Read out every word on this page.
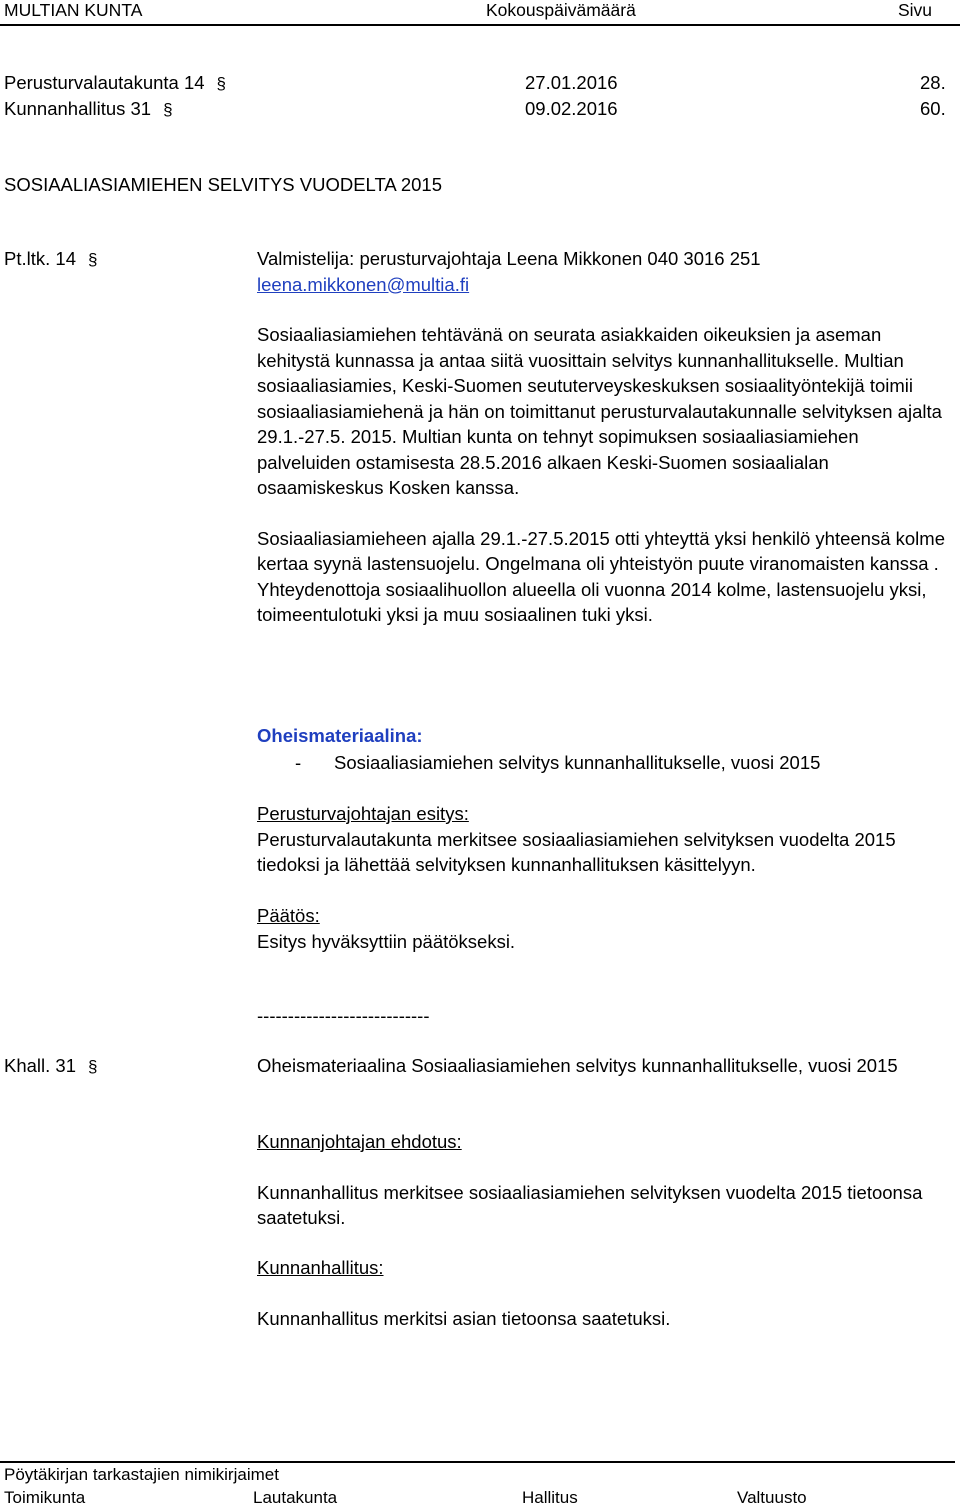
MULTIAN KUNTA	Kokouspäivämäärä	Sivu
Perusturvalautakunta 14 §	27.01.2016	28.
Kunnanhallitus 31 §	09.02.2016	60.
SOSIAALIASIAMIEHEN SELVITYS VUODELTA 2015
Pt.ltk. 14 §	Valmistelija: perusturvajohtaja Leena Mikkonen 040 3016 251

leena.mikkonen@multia.fi

Sosiaaliasiamiehen tehtävänä on seurata asiakkaiden oikeuksien ja aseman kehitystä kunnassa ja antaa siitä vuosittain selvitys kunnanhallitukselle. Multian sosiaaliasiamies, Keski-Suomen seututerveyskeskuksen sosiaalityöntekijä toimii sosiaaliasiamiehenä ja hän on toimittanut perusturvalautakunnalle selvityksen ajalta 29.1.-27.5. 2015. Multian kunta on tehnyt sopimuksen sosiaaliasiamiehen palveluiden ostamisesta 28.5.2016 alkaen Keski-Suomen sosiaalialan osaamiskeskus Kosken kanssa.

Sosiaaliasiamieheen ajalla 29.1.-27.5.2015 otti yhteyttä yksi henkilö yhteensä kolme kertaa syynä lastensuojelu. Ongelmana oli yhteistyön puute viranomaisten kanssa .

Yhteydenottoja sosiaalihuollon alueella oli vuonna 2014 kolme, lastensuojelu yksi, toimeentulotuki yksi ja muu sosiaalinen tuki yksi.

Oheismateriaalina:
- Sosiaaliasiamiehen selvitys kunnanhallitukselle, vuosi 2015

Perusturvajohtajan esitys:

Perusturvalautakunta merkitsee sosiaaliasiamiehen selvityksen vuodelta 2015 tiedoksi ja lähettää selvityksen kunnanhallituksen käsittelyyn.

Päätös:

Esitys hyväksyttiin päätökseksi.

----------------------------
Khall. 31 §	Oheismateriaalina Sosiaaliasiamiehen selvitys kunnanhallitukselle, vuosi 2015

Kunnanjohtajan ehdotus:

Kunnanhallitus merkitsee sosiaaliasiamiehen selvityksen vuodelta 2015 tietoonsa saatetuksi.

Kunnanhallitus:

Kunnanhallitus merkitsi asian tietoonsa saatetuksi.

Pöytäkirjan tarkastajien nimikirjaimet
Toimikunta	Lautakunta	Hallitus	Valtuusto
